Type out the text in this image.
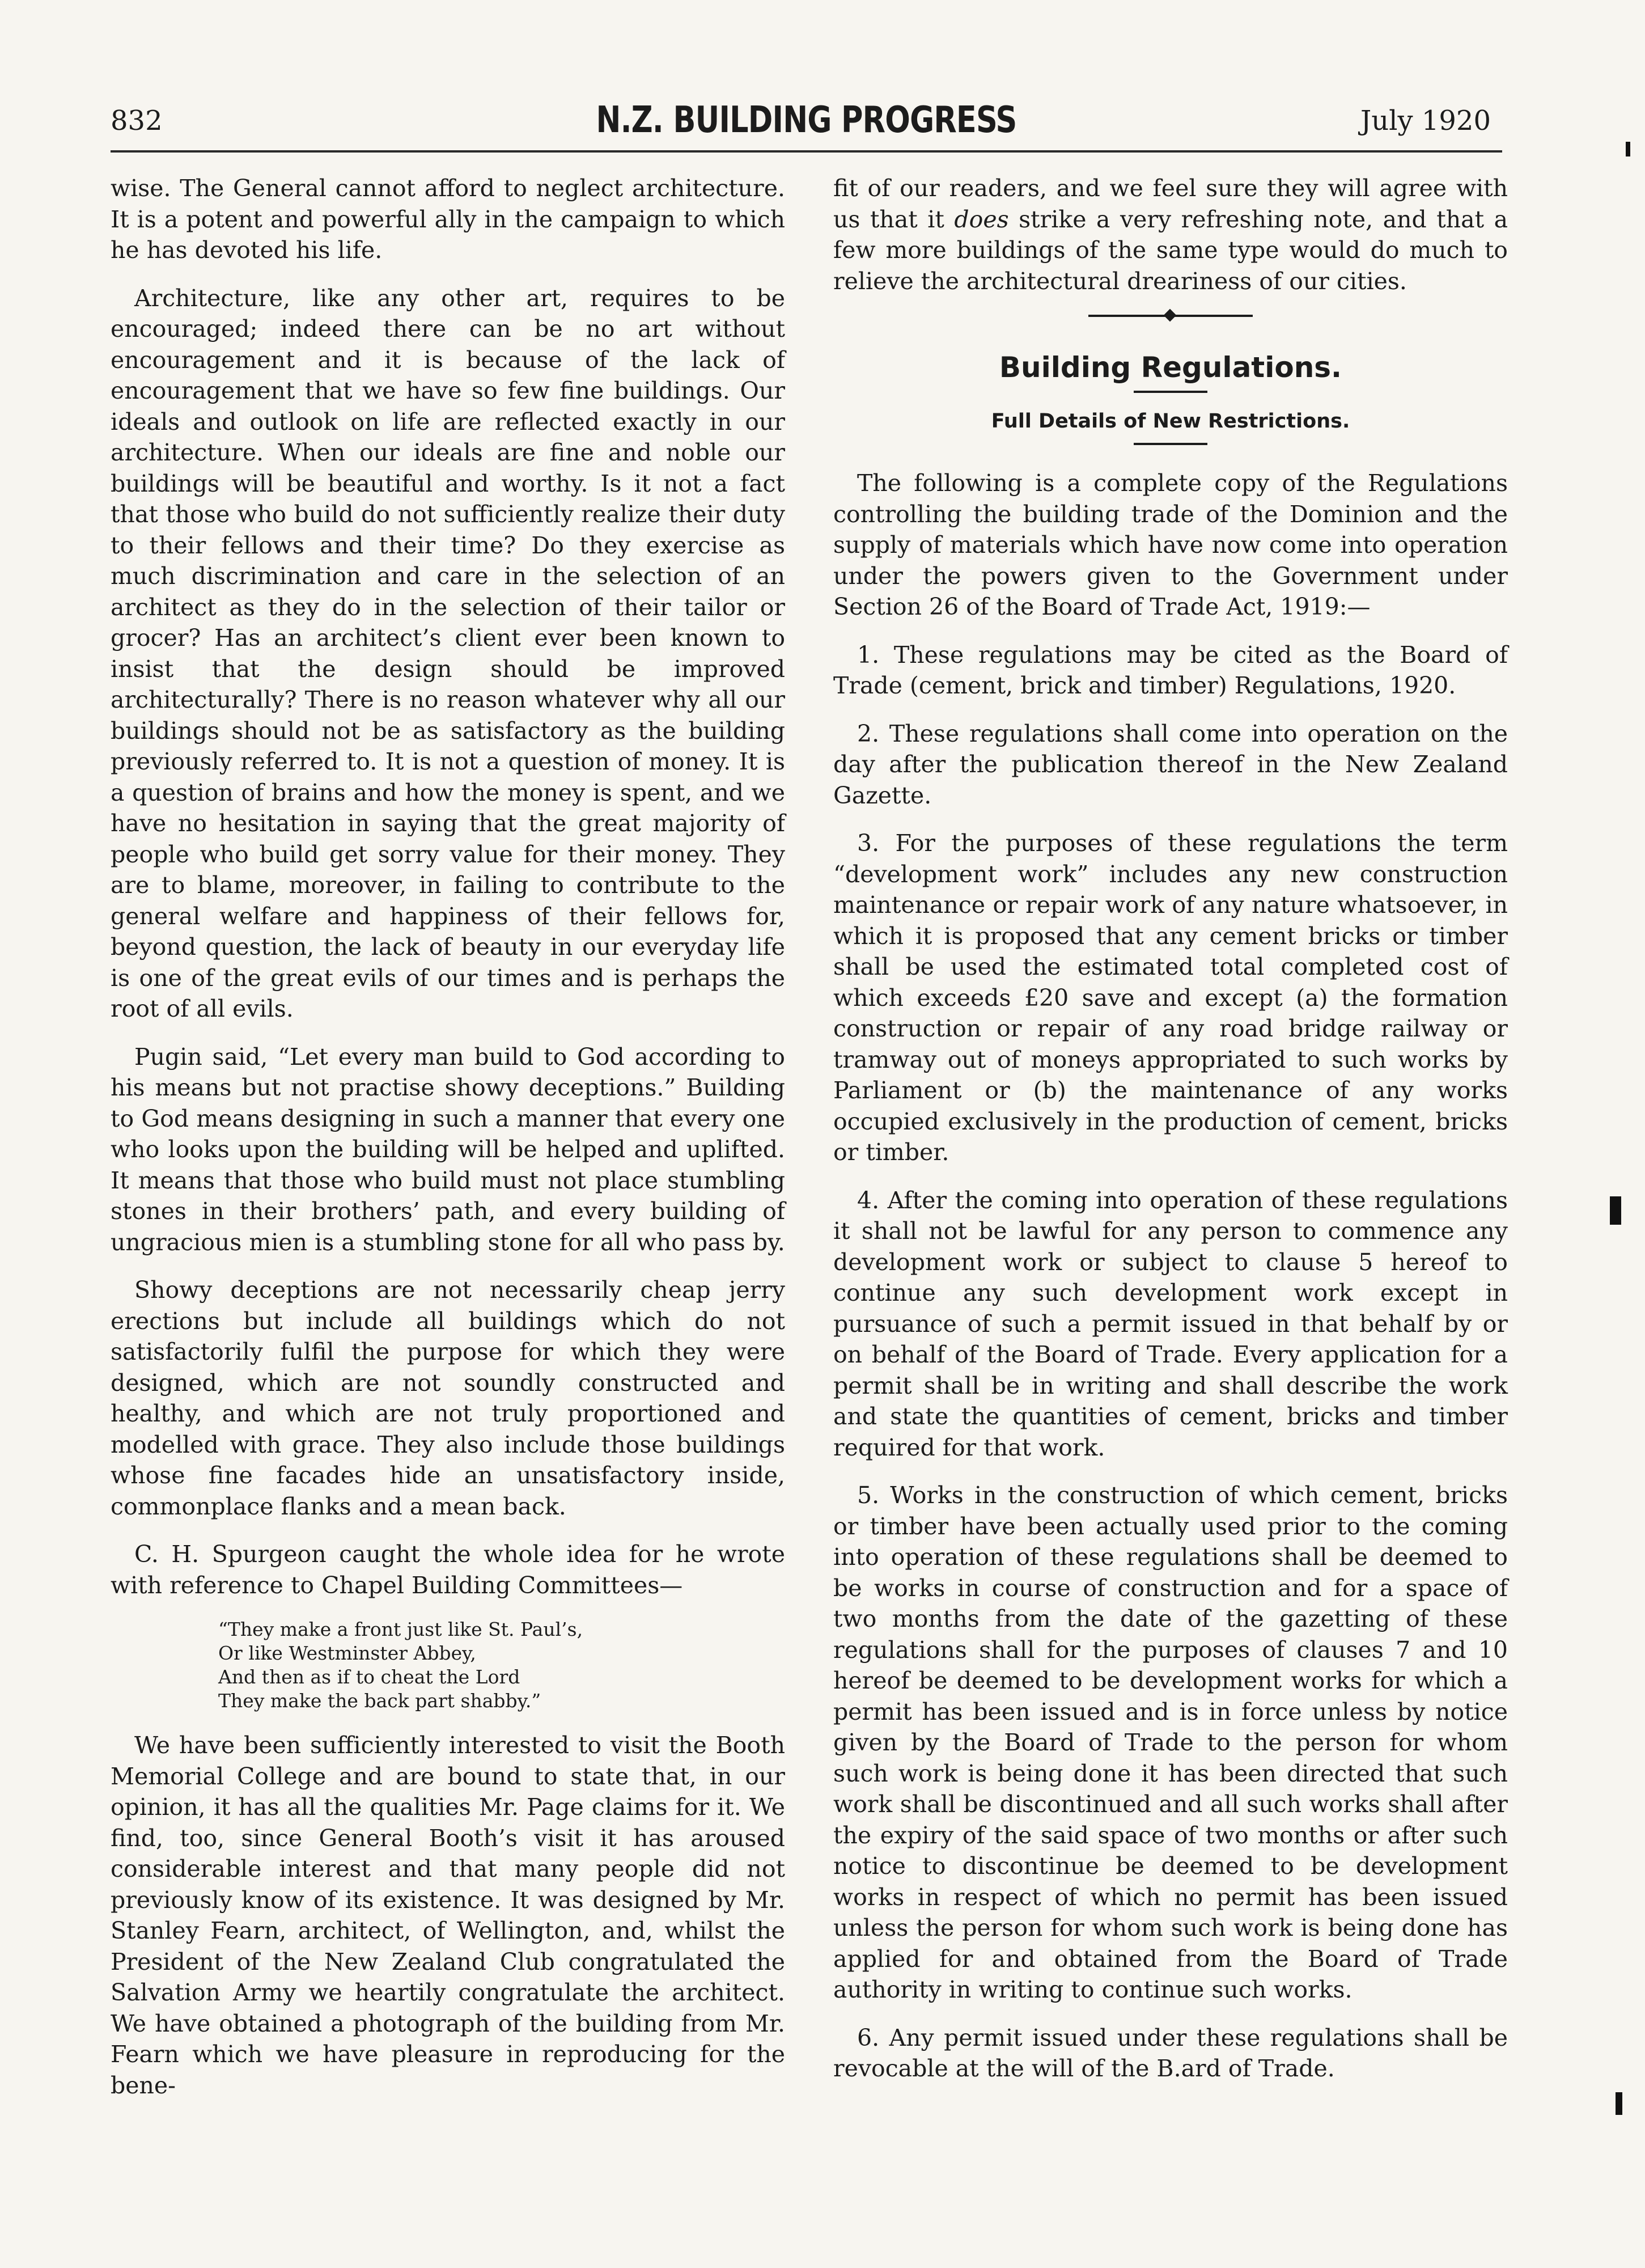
832	N.Z. BUILDING PROGRESS	July 1920

wise. The General cannot afford to neglect architecture. It is a potent and powerful ally in the campaign to which he has devoted his life.

Architecture, like any other art, requires to be encouraged; indeed there can be no art without encouragement and it is because of the lack of encouragement that we have so few fine buildings. Our ideals and outlook on life are reflected exactly in our architecture. When our ideals are fine and noble our buildings will be beautiful and worthy. Is it not a fact that those who build do not sufficiently realize their duty to their fellows and their time? Do they exercise as much discrimination and care in the selection of an architect as they do in the selection of their tailor or grocer? Has an architect’s client ever been known to insist that the design should be improved architecturally? There is no reason whatever why all our buildings should not be as satisfactory as the building previously referred to. It is not a question of money. It is a question of brains and how the money is spent, and we have no hesitation in saying that the great majority of people who build get sorry value for their money. They are to blame, moreover, in failing to contribute to the general welfare and happiness of their fellows for, beyond question, the lack of beauty in our everyday life is one of the great evils of our times and is perhaps the root of all evils.

Pugin said, “Let every man build to God according to his means but not practise showy deceptions.” Building to God means designing in such a manner that every one who looks upon the building will be helped and uplifted. It means that those who build must not place stumbling stones in their brothers’ path, and every building of ungracious mien is a stumbling stone for all who pass by.

Showy deceptions are not necessarily cheap jerry erections but include all buildings which do not satisfactorily fulfil the purpose for which they were designed, which are not soundly constructed and healthy, and which are not truly proportioned and modelled with grace. They also include those buildings whose fine facades hide an unsatisfactory inside, commonplace flanks and a mean back.

C. H. Spurgeon caught the whole idea for he wrote with reference to Chapel Building Committees—

“They make a front just like St. Paul’s,
Or like Westminster Abbey,
And then as if to cheat the Lord
They make the back part shabby.”

We have been sufficiently interested to visit the Booth Memorial College and are bound to state that, in our opinion, it has all the qualities Mr. Page claims for it. We find, too, since General Booth’s visit it has aroused considerable interest and that many people did not previously know of its existence. It was designed by Mr. Stanley Fearn, architect, of Wellington, and, whilst the President of the New Zealand Club congratulated the Salvation Army we heartily congratulate the architect. We have obtained a photograph of the building from Mr. Fearn which we have pleasure in reproducing for the bene-

fit of our readers, and we feel sure they will agree with us that it does strike a very refreshing note, and that a few more buildings of the same type would do much to relieve the architectural dreariness of our cities.

Building Regulations.
Full Details of New Restrictions.

The following is a complete copy of the Regulations controlling the building trade of the Dominion and the supply of materials which have now come into operation under the powers given to the Government under Section 26 of the Board of Trade Act, 1919:—

1. These regulations may be cited as the Board of Trade (cement, brick and timber) Regulations, 1920.

2. These regulations shall come into operation on the day after the publication thereof in the New Zealand Gazette.

3. For the purposes of these regulations the term “development work” includes any new construction maintenance or repair work of any nature whatsoever, in which it is proposed that any cement bricks or timber shall be used the estimated total completed cost of which exceeds £20 save and except (a) the formation construction or repair of any road bridge railway or tramway out of moneys appropriated to such works by Parliament or (b) the maintenance of any works occupied exclusively in the production of cement, bricks or timber.

4. After the coming into operation of these regulations it shall not be lawful for any person to commence any development work or subject to clause 5 hereof to continue any such development work except in pursuance of such a permit issued in that behalf by or on behalf of the Board of Trade. Every application for a permit shall be in writing and shall describe the work and state the quantities of cement, bricks and timber required for that work.

5. Works in the construction of which cement, bricks or timber have been actually used prior to the coming into operation of these regulations shall be deemed to be works in course of construction and for a space of two months from the date of the gazetting of these regulations shall for the purposes of clauses 7 and 10 hereof be deemed to be development works for which a permit has been issued and is in force unless by notice given by the Board of Trade to the person for whom such work is being done it has been directed that such work shall be discontinued and all such works shall after the expiry of the said space of two months or after such notice to discontinue be deemed to be development works in respect of which no permit has been issued unless the person for whom such work is being done has applied for and obtained from the Board of Trade authority in writing to continue such works.

6. Any permit issued under these regulations shall be revocable at the will of the B.ard of Trade.
